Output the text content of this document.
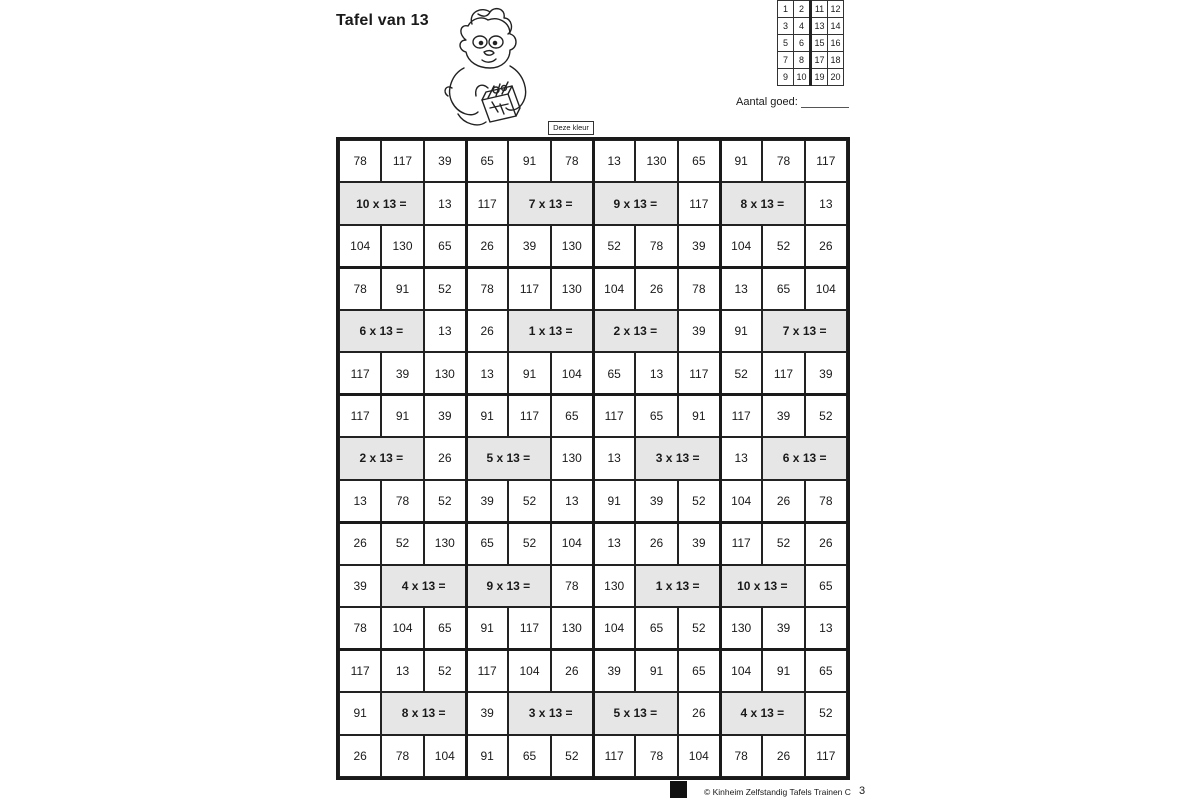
Tafel van 13
1	2	11	12
3	4	13	14
5	6	15	16
7	8	17	18
9	10	19	20
Aantal goed:
Deze kleur
78	117	39	65	91	78	13	130	65	91	78	117
10 x 13 =	13	117	7 x 13 =	9 x 13 =	117	8 x 13 =	13
104	130	65	26	39	130	52	78	39	104	52	26
78	91	52	78	117	130	104	26	78	13	65	104
6 x 13 =	13	26	1 x 13 =	2 x 13 =	39	91	7 x 13 =
117	39	130	13	91	104	65	13	117	52	117	39
117	91	39	91	117	65	117	65	91	117	39	52
2 x 13 =	26	5 x 13 =	130	13	3 x 13 =	13	6 x 13 =
13	78	52	39	52	13	91	39	52	104	26	78
26	52	130	65	52	104	13	26	39	117	52	26
39	4 x 13 =	9 x 13 =	78	130	1 x 13 =	10 x 13 =	65
78	104	65	91	117	130	104	65	52	130	39	13
117	13	52	117	104	26	39	91	65	104	91	65
91	8 x 13 =	39	3 x 13 =	5 x 13 =	26	4 x 13 =	52
26	78	104	91	65	52	117	78	104	78	26	117
© Kinheim Zelfstandig Tafels Trainen C 3
